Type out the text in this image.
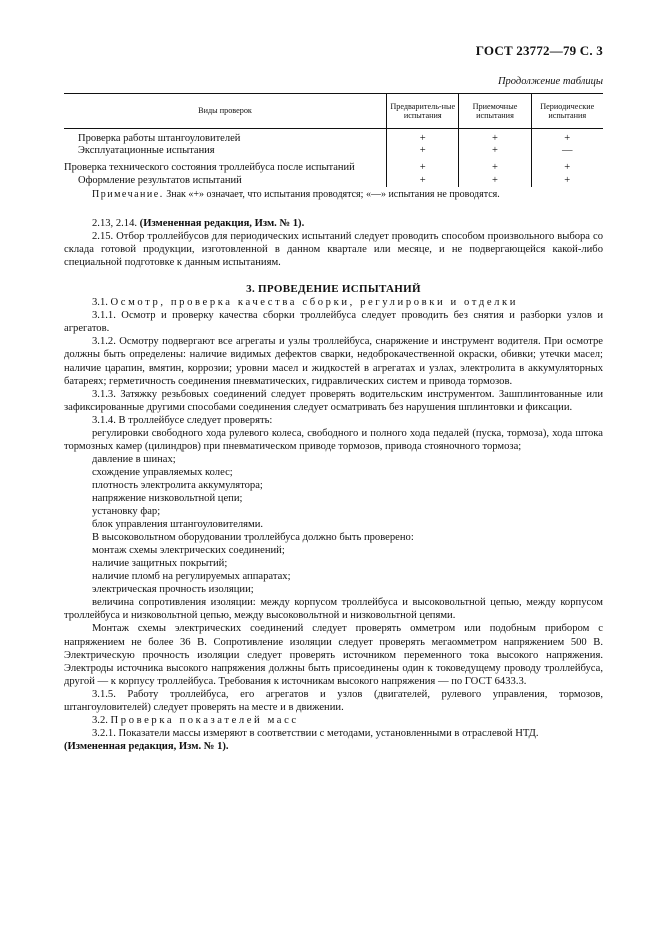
ГОСТ 23772—79 С. 3
Продолжение таблицы
Виды проверок	Предваритель-ные испытания	Приемочные испытания	Периодические испытания
Проверка работы штангоуловителей	+	+	+
Эксплуатационные испытания	+	+	—
Проверка технического состояния троллейбуса после испытаний	+	+	+
Оформление результатов испытаний	+	+	+

Примечание. Знак «+» означает, что испытания проводятся; «—» испытания не проводятся.

2.13, 2.14. (Измененная редакция, Изм. № 1).

2.15. Отбор троллейбусов для периодических испытаний следует проводить способом произвольного выбора со склада готовой продукции, изготовленной в данном квартале или месяце, и не подвергающейся какой-либо специальной подготовке к данным испытаниям.

3. ПРОВЕДЕНИЕ ИСПЫТАНИЙ

3.1. Осмотр, проверка качества сборки, регулировки и отделки

3.1.1. Осмотр и проверку качества сборки троллейбуса следует проводить без снятия и разборки узлов и агрегатов.

3.1.2. Осмотру подвергают все агрегаты и узлы троллейбуса, снаряжение и инструмент водителя. При осмотре должны быть определены: наличие видимых дефектов сварки, недоброкачественной окраски, обивки; утечки масел; наличие царапин, вмятин, коррозии; уровни масел и жидкостей в агрегатах и узлах, электролита в аккумуляторных батареях; герметичность соединения пневматических, гидравлических систем и привода тормозов.

3.1.3. Затяжку резьбовых соединений следует проверять водительским инструментом. Зашплинтованные или зафиксированные другими способами соединения следует осматривать без нарушения шплинтовки и фиксации.

3.1.4. В троллейбусе следует проверять:

регулировки свободного хода рулевого колеса, свободного и полного хода педалей (пуска, тормоза), хода штока тормозных камер (цилиндров) при пневматическом приводе тормозов, привода стояночного тормоза;

давление в шинах;

схождение управляемых колес;

плотность электролита аккумулятора;

напряжение низковольтной цепи;

установку фар;

блок управления штангоуловителями.

В высоковольтном оборудовании троллейбуса должно быть проверено:

монтаж схемы электрических соединений;

наличие защитных покрытий;

наличие пломб на регулируемых аппаратах;

электрическая прочность изоляции;

величина сопротивления изоляции: между корпусом троллейбуса и высоковольтной цепью, между корпусом троллейбуса и низковольтной цепью, между высоковольтной и низковольтной цепями.

Монтаж схемы электрических соединений следует проверять омметром или подобным прибором с напряжением не более 36 В. Сопротивление изоляции следует проверять мегаомметром напряжением 500 В. Электрическую прочность изоляции следует проверять источником переменного тока высокого напряжения. Электроды источника высокого напряжения должны быть присоединены один к токоведущему проводу троллейбуса, другой — к корпусу троллейбуса. Требования к источникам высокого напряжения — по ГОСТ 6433.3.

3.1.5. Работу троллейбуса, его агрегатов и узлов (двигателей, рулевого управления, тормозов, штангоуловителей) следует проверять на месте и в движении.

3.2. Проверка показателей масс

3.2.1. Показатели массы измеряют в соответствии с методами, установленными в отраслевой НТД.

(Измененная редакция, Изм. № 1).
